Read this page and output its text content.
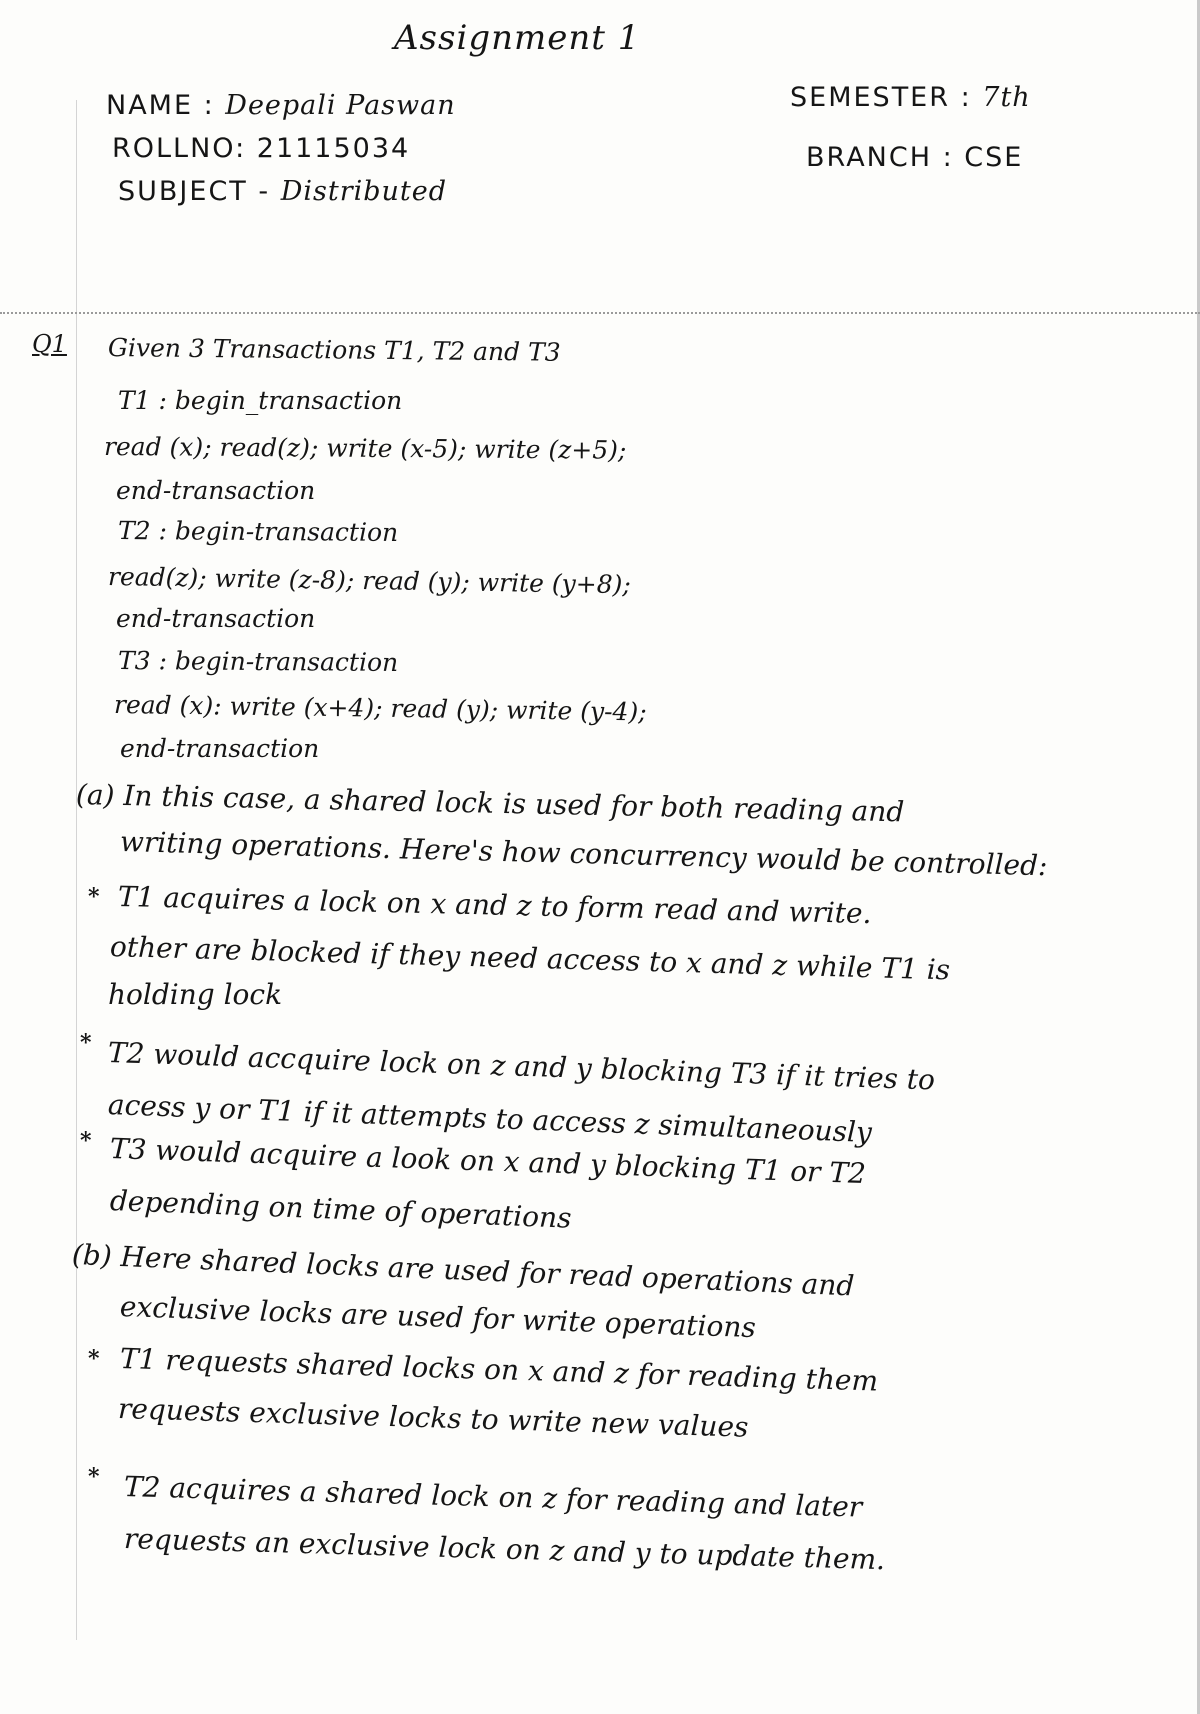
Assignment 1
NAME : Deepali Paswan
ROLLNO: 21115034
SUBJECT - Distributed
SEMESTER : 7th
BRANCH : CSE
Q1 Given 3 Transactions T1, T2 and T3
T1 : begin_transaction
read (x); read(z); write (x-5); write (z+5);
end-transaction
T2 : begin-transaction
read(z); write (z-8); read (y); write (y+8);
end-transaction
T3 : begin-transaction
read (x): write (x+4); read (y); write (y-4);
end-transaction
(a) In this case, a shared lock is used for both reading and
writing operations. Here's how concurrency would be controlled:
* T1 acquires a lock on x and z to form read and write.
other are blocked if they need access to x and z while T1 is
holding lock
* T2 would accquire lock on z and y blocking T3 if it tries to
acess y or T1 if it attempts to access z simultaneously
* T3 would acquire a look on x and y blocking T1 or T2
depending on time of operations
(b) Here shared locks are used for read operations and
exclusive locks are used for write operations
* T1 requests shared locks on x and z for reading them
requests exclusive locks to write new values
* T2 acquires a shared lock on z for reading and later
requests an exclusive lock on z and y to update them.
